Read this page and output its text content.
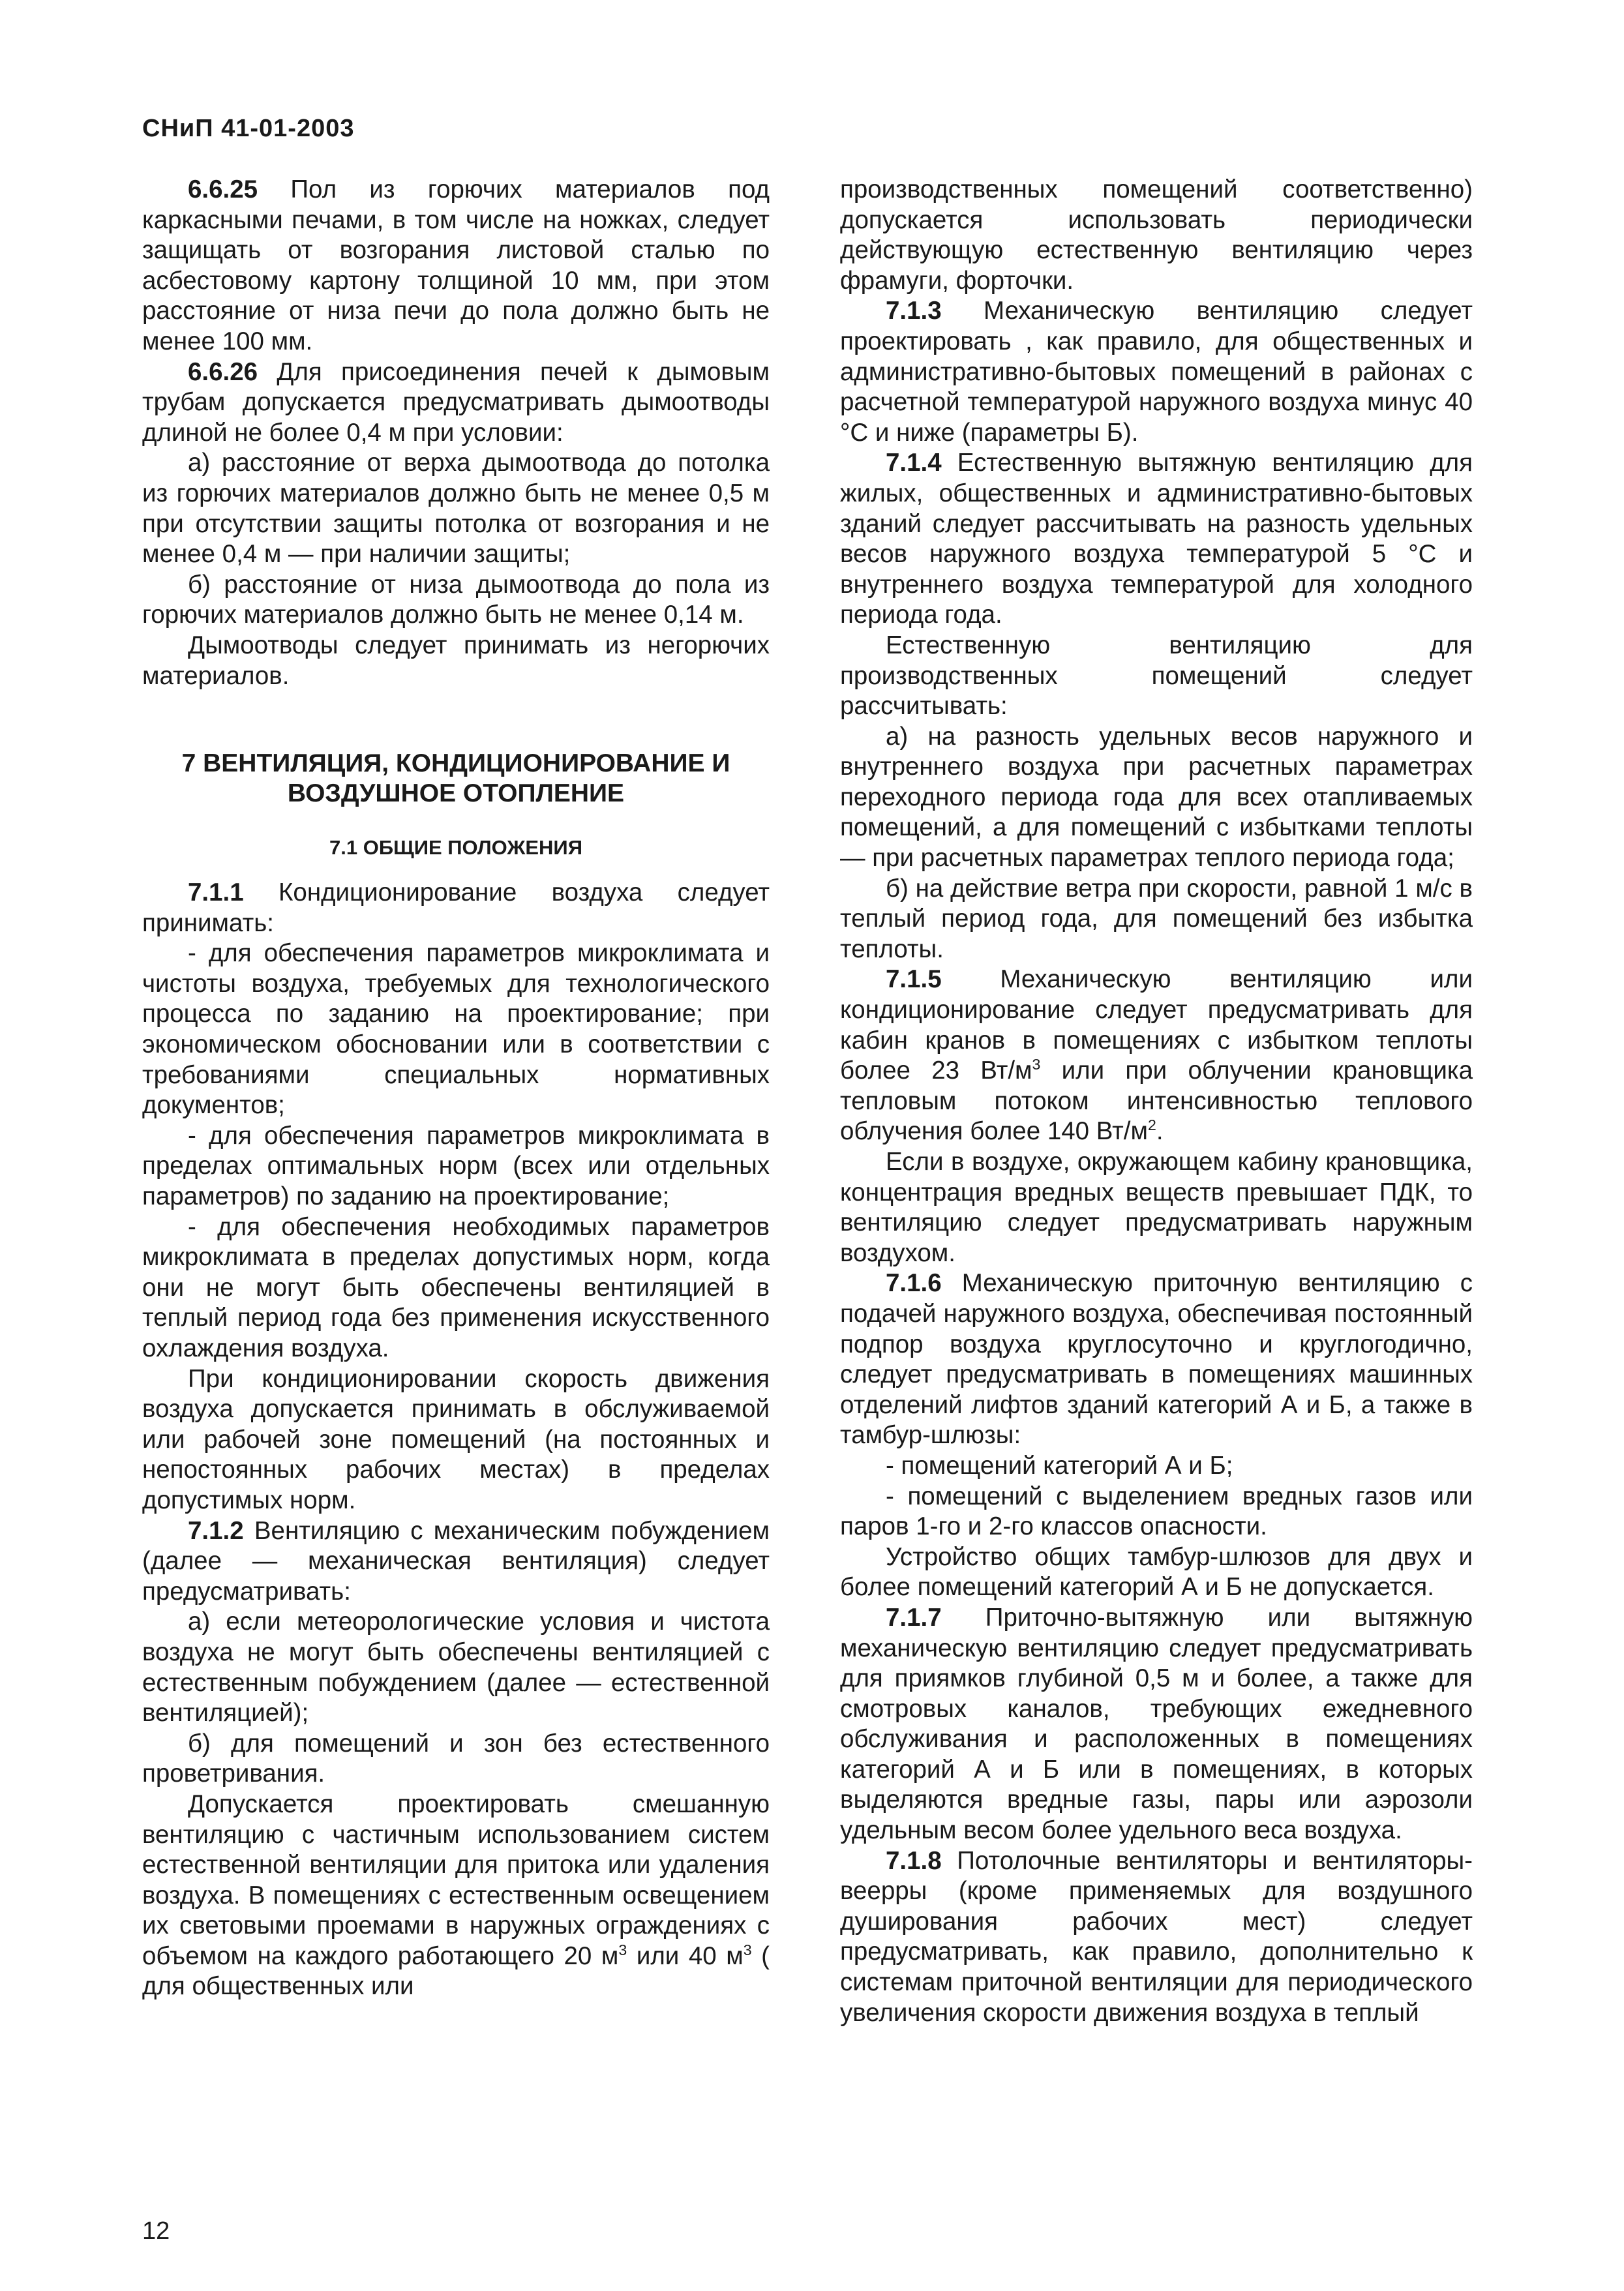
СНиП 41-01-2003

6.6.25 Пол из горючих материалов под каркасными печами, в том числе на ножках, следует защищать от возгорания листовой сталью по асбестовому картону толщиной 10 мм, при этом расстояние от низа печи до пола должно быть не менее 100 мм.

6.6.26 Для присоединения печей к дымовым трубам допускается предусматривать дымоотводы длиной не более 0,4 м при условии:

а) расстояние от верха дымоотвода до потолка из горючих материалов должно быть не менее 0,5 м при отсутствии защиты потолка от возгорания и не менее 0,4 м — при наличии защиты;

б) расстояние от низа дымоотвода до пола из горючих материалов должно быть не менее 0,14 м.

Дымоотводы следует принимать из негорючих материалов.

7 ВЕНТИЛЯЦИЯ, КОНДИЦИОНИРОВАНИЕ И ВОЗДУШНОЕ ОТОПЛЕНИЕ
7.1 ОБЩИЕ ПОЛОЖЕНИЯ

7.1.1 Кондиционирование воздуха следует принимать:

- для обеспечения параметров микроклимата и чистоты воздуха, требуемых для технологического процесса по заданию на проектирование; при экономическом обосновании или в соответствии с требованиями специальных нормативных документов;

- для обеспечения параметров микроклимата в пределах оптимальных норм (всех или отдельных параметров) по заданию на проектирование;

- для обеспечения необходимых параметров микроклимата в пределах допустимых норм, когда они не могут быть обеспечены вентиляцией в теплый период года без применения искусственного охлаждения воздуха.

При кондиционировании скорость движения воздуха допускается принимать в обслуживаемой или рабочей зоне помещений (на постоянных и непостоянных рабочих местах) в пределах допустимых норм.

7.1.2 Вентиляцию с механическим побуждением (далее — механическая вентиляция) следует предусматривать:

а) если метеорологические условия и чистота воздуха не могут быть обеспечены вентиляцией с естественным побуждением (далее — естественной вентиляцией);

б) для помещений и зон без естественного проветривания.

Допускается проектировать смешанную вентиляцию с частичным использованием систем естественной вентиляции для притока или удаления воздуха. В помещениях с естественным освещением их световыми проемами в наружных ограждениях с объемом на каждого работающего 20 $м^3$ или 40 $м^3$ ( для общественных или

производственных помещений соответственно) допускается использовать периодически действующую естественную вентиляцию через фрамуги, форточки.

7.1.3 Механическую вентиляцию следует проектировать , как правило, для общественных и административно-бытовых помещений в районах с расчетной температурой наружного воздуха минус 40 °С и ниже (параметры Б).

7.1.4 Естественную вытяжную вентиляцию для жилых, общественных и административно-бытовых зданий следует рассчитывать на разность удельных весов наружного воздуха температурой 5 °С и внутреннего воздуха температурой для холодного периода года.

Естественную вентиляцию для производственных помещений следует рассчитывать:

а) на разность удельных весов наружного и внутреннего воздуха при расчетных параметрах переходного периода года для всех отапливаемых помещений, а для помещений с избытками теплоты — при расчетных параметрах теплого периода года;

б) на действие ветра при скорости, равной 1 м/с в теплый период года, для помещений без избытка теплоты.

7.1.5 Механическую вентиляцию или кондиционирование следует предусматривать для кабин кранов в помещениях с избытком теплоты более 23 $Вт/м^3$ или при облучении крановщика тепловым потоком интенсивностью теплового облучения более 140 $Вт/м^2$.

Если в воздухе, окружающем кабину крановщика, концентрация вредных веществ превышает ПДК, то вентиляцию следует предусматривать наружным воздухом.

7.1.6 Механическую приточную вентиляцию с подачей наружного воздуха, обеспечивая постоянный подпор воздуха круглосуточно и круглогодично, следует предусматривать в помещениях машинных отделений лифтов зданий категорий А и Б, а также в тамбур-шлюзы:

- помещений категорий А и Б;

- помещений с выделением вредных газов или паров 1-го и 2-го классов опасности.

Устройство общих тамбур-шлюзов для двух и более помещений категорий А и Б не допускается.

7.1.7 Приточно-вытяжную или вытяжную механическую вентиляцию следует предусматривать для приямков глубиной 0,5 м и более, а также для смотровых каналов, требующих ежедневного обслуживания и расположенных в помещениях категорий А и Б или в помещениях, в которых выделяются вредные газы, пары или аэрозоли удельным весом более удельного веса воздуха.

7.1.8 Потолочные вентиляторы и вентиляторы-веерры (кроме применяемых для воздушного душирования рабочих мест) следует предусматривать, как правило, дополнительно к системам приточной вентиляции для периодического увеличения скорости движения воздуха в теплый

12
